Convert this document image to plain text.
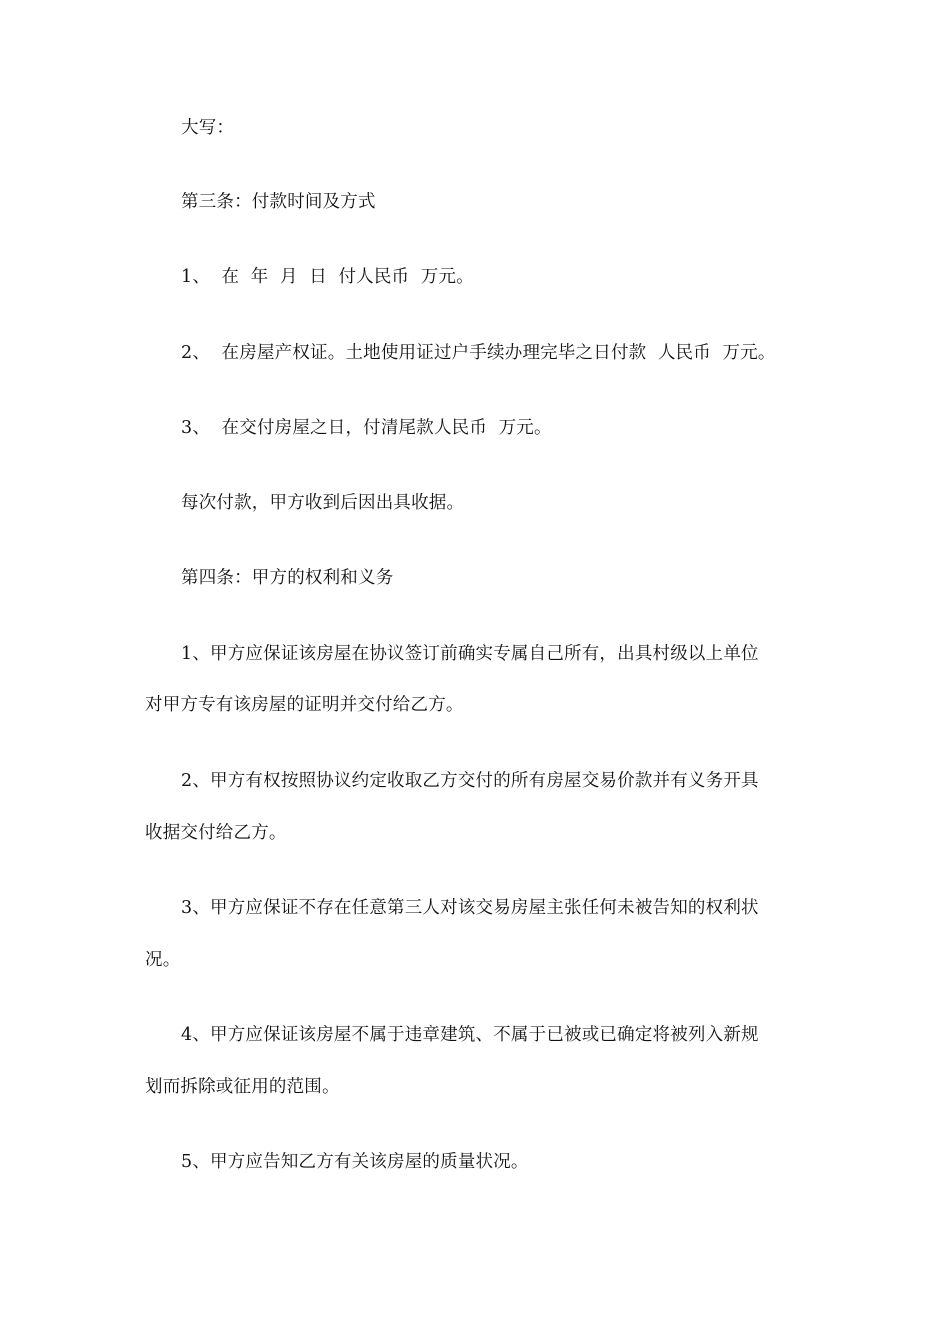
大写：
第三条：付款时间及方式
1、  在  年  月  日  付人民币  万元。
2、  在房屋产权证。土地使用证过户手续办理完毕之日付款  人民币  万元。
3、  在交付房屋之日，付清尾款人民币  万元。
每次付款，甲方收到后因出具收据。
第四条：甲方的权利和义务
1、甲方应保证该房屋在协议签订前确实专属自己所有，出具村级以上单位
对甲方专有该房屋的证明并交付给乙方。
2、甲方有权按照协议约定收取乙方交付的所有房屋交易价款并有义务开具
收据交付给乙方。
3、甲方应保证不存在任意第三人对该交易房屋主张任何未被告知的权利状
况。
4、甲方应保证该房屋不属于违章建筑、不属于已被或已确定将被列入新规
划而拆除或征用的范围。
5、甲方应告知乙方有关该房屋的质量状况。
